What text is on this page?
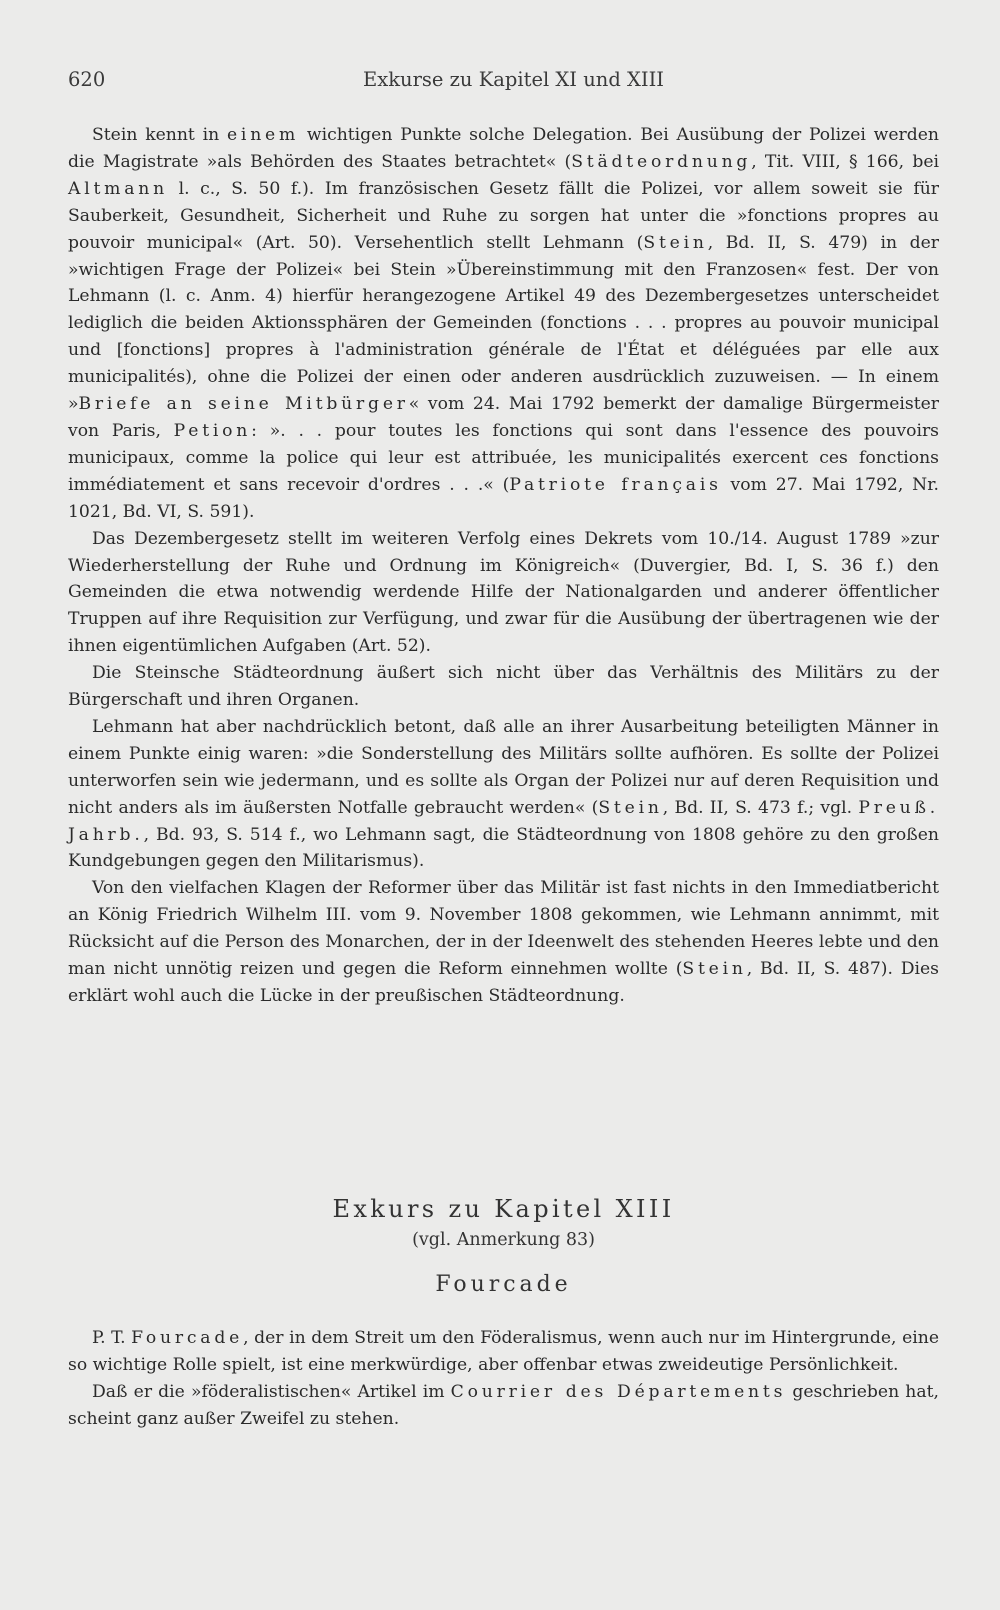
620	Exkurse zu Kapitel XI und XIII

Stein kennt in einem wichtigen Punkte solche Delegation. Bei Ausübung der Polizei werden die Magistrate »als Behörden des Staates betrachtet« (Städteordnung, Tit. VIII, § 166, bei Altmann l. c., S. 50 f.). Im französischen Gesetz fällt die Polizei, vor allem soweit sie für Sauberkeit, Gesundheit, Sicherheit und Ruhe zu sorgen hat unter die »fonctions propres au pouvoir municipal« (Art. 50). Versehentlich stellt Lehmann (Stein, Bd. II, S. 479) in der »wichtigen Frage der Polizei« bei Stein »Übereinstimmung mit den Franzosen« fest. Der von Lehmann (l. c. Anm. 4) hierfür herangezogene Artikel 49 des Dezembergesetzes unterscheidet lediglich die beiden Aktionssphären der Gemeinden (fonctions . . . propres au pouvoir municipal und [fonctions] propres à l'administration générale de l'État et déléguées par elle aux municipalités), ohne die Polizei der einen oder anderen ausdrücklich zuzuweisen. — In einem »Briefe an seine Mitbürger« vom 24. Mai 1792 bemerkt der damalige Bürgermeister von Paris, Petion: ». . . pour toutes les fonctions qui sont dans l'essence des pouvoirs municipaux, comme la police qui leur est attribuée, les municipalités exercent ces fonctions immédiatement et sans recevoir d'ordres . . .« (Patriote français vom 27. Mai 1792, Nr. 1021, Bd. VI, S. 591).

Das Dezembergesetz stellt im weiteren Verfolg eines Dekrets vom 10./14. August 1789 »zur Wiederherstellung der Ruhe und Ordnung im Königreich« (Duvergier, Bd. I, S. 36 f.) den Gemeinden die etwa notwendig werdende Hilfe der Nationalgarden und anderer öffentlicher Truppen auf ihre Requisition zur Verfügung, und zwar für die Ausübung der übertragenen wie der ihnen eigentümlichen Aufgaben (Art. 52).

Die Steinsche Städteordnung äußert sich nicht über das Verhältnis des Militärs zu der Bürgerschaft und ihren Organen.

Lehmann hat aber nachdrücklich betont, daß alle an ihrer Ausarbeitung beteiligten Männer in einem Punkte einig waren: »die Sonderstellung des Militärs sollte aufhören. Es sollte der Polizei unterworfen sein wie jedermann, und es sollte als Organ der Polizei nur auf deren Requisition und nicht anders als im äußersten Notfalle gebraucht werden« (Stein, Bd. II, S. 473 f.; vgl. Preuß. Jahrb., Bd. 93, S. 514 f., wo Lehmann sagt, die Städteordnung von 1808 gehöre zu den großen Kundgebungen gegen den Militarismus).

Von den vielfachen Klagen der Reformer über das Militär ist fast nichts in den Immediatbericht an König Friedrich Wilhelm III. vom 9. November 1808 gekommen, wie Lehmann annimmt, mit Rücksicht auf die Person des Monarchen, der in der Ideenwelt des stehenden Heeres lebte und den man nicht unnötig reizen und gegen die Reform einnehmen wollte (Stein, Bd. II, S. 487). Dies erklärt wohl auch die Lücke in der preußischen Städteordnung.

Exkurs zu Kapitel XIII
(vgl. Anmerkung 83)
Fourcade

P. T. Fourcade, der in dem Streit um den Föderalismus, wenn auch nur im Hintergrunde, eine so wichtige Rolle spielt, ist eine merkwürdige, aber offenbar etwas zweideutige Persönlichkeit.

Daß er die »föderalistischen« Artikel im Courrier des Départements geschrieben hat, scheint ganz außer Zweifel zu stehen.
